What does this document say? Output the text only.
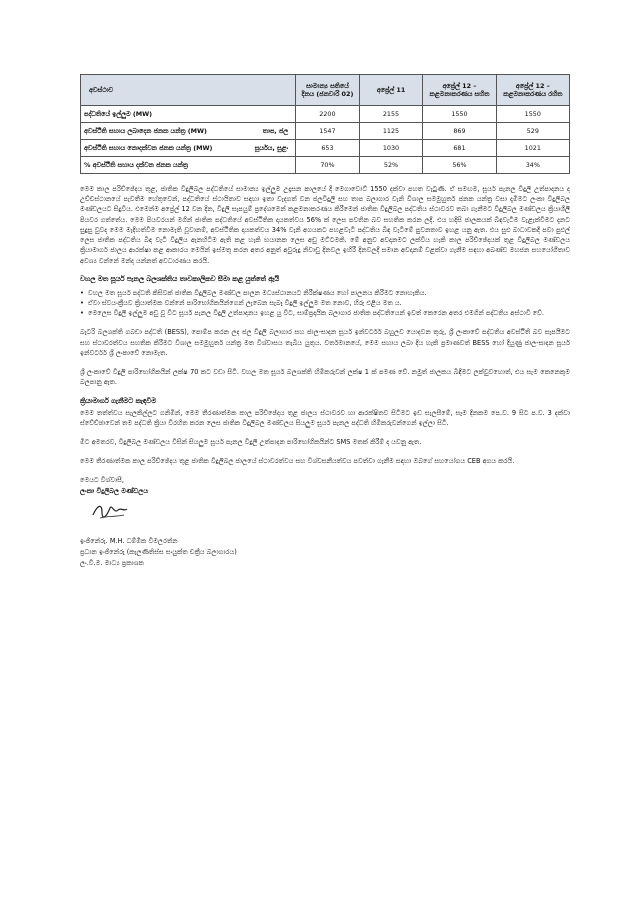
අවස්ථාව	සාමාන්‍ය සතියේ දිනය (ජනවාරි 02)	අප්‍රේල් 11	අප්‍රේල් 12 – කළමනාකරණය සහිත	අප්‍රේල් 12 – කළමනාකරණය රහිත
පද්ධතියේ ඉල්ලුම (MW)	2200	2155	1550	1550

අවස්ථිති සහාය ලබාදෙන ජනක යන්ත්‍ර (MW) තාප, ජල	1547	1125	869	529

අවස්ථිති සහාය නොදක්වන ජනක යන්ත්‍ර (MW) සූර්යය, සුළං	653	1030	681	1021
% අවස්ථිති සහාය දක්වන ජනක යන්ත්‍ර	70%	52%	56%	34%

මෙම කාල පරිච්ඡේදය තුළ, ජාතික විදුලිබල පද්ධතියේ සාමාන්‍ය ඉල්ලුම උදෑසන කාලයේ දී මෙගාවොට් 1550 දක්වා පහත වැටුණි. ඒ සමඟම, සූර්ය පැනල විදුලි උත්පාදනය ද උච්චස්ථානයේ පැවතීම හේතුවෙන්, පද්ධතියේ ස්ථායිතාව සඳහා ඉතා වැදගත් වන ජලවිදුලි සහ තාප බලාගාර වැනි විශාල සමමුහුර්ත ජනක යන්ත්‍ර වසා දැමීමට ලංකා විදුලිබල මණ්ඩලයට සිදුවිය. එමෙන්ම අප්‍රේල් 12 වන දින, විදුලි සැපයුම් ප්‍රදේශමෙන් කළමනාකරණය කිරීමෙන් ජාතික විදුලිබල පද්ධතිය ස්ථාවරව තබා ගැනීමට විදුලිබල මණ්ඩලය ක්‍රියාශීලී පියවර ගත්තේය. මෙම පියවරයන් මගින් ජාතික පද්ධතියේ අවස්ථිතික දායකත්වය 56% ක් ලෙස පවතින බව සහතික කරන ලදී. එය හදිසි ජාලකයක් බිඳවැටීම වැළැක්වීමට දැනට සුදුසු වුවද මෙම මැදිහත්වීම නොමැති වූවානම්, අවස්ථිතික දායකත්වය 34% වැනි අගයකට පහළවැටී පද්ධතිය බිඳ වැටීමේ පුවනතාව ඉහළ යනු ඇත. එය සුළු බාධාවකදී පවා පුළුල් ලෙස ජාතික පද්ධතිය බිඳ වැටී විදුලිය ඇනහිටීම ඇති කළ හැකි භයානක ලෙස අඩු මට්ටමකි. මේ අනුව අවදානමට ලක්විය හැකි කාල පරිච්ඡේදයක් තුළ විදුලිබල මණ්ඩලය ක්‍රියාමාර්ග ජාලය ආරක්ෂා කළ ආකාරය මෙයින් ඉස්මතු කරන අතර අනුත් අවුරුදු නිවාඩු දිනවල ඉහිරී දිනවලදී සමාන අවදානම් වළක්වා ගැනීම සඳහා අඛණ්ඩ මහජන සහයෝගීතාව අවශ්‍ය වන්නේ මන්ද යන්නත් අවධාරණය කරයි.

වහල මත සූර්ය පැනල බලශක්තිය තාවකාලිකව සීමා කළ යුත්තේ ඇයි
• වහල මත සූර්ය පද්ධති කිසිවක් ජාතික විදුලිබල මණ්ඩල පාලන මධ්‍යස්ථානයට නිරීක්ෂණය හෝ පාලනය කිරීමට නොහැකිය.
• ඒවා ස්වයංක්‍රීයව ක්‍රියාත්මක වන්නේ පාරිභෝගිකයින්ගෙන් ලැබෙන සැබෑ විදුලි ඉල්ලුම මත නොව, හිරු එළිය මත ය.
• මෙලෙස විදුලි ඉල්ලුම අඩු වූ විට සූර්ය පැනල විදුලි උත්පාදනය ඉහළ යු විට, සාම්ප්‍රදායික බලාගාර ජාතික පද්ධතියෙන් ඉවත් කෙරෙන අතර එමගින් පද්ධතිය අස්ථාවී වේ.

බැටරි බලශක්ති ගබඩා පද්ධති (BESS), පොම්ප කරන ලද ජල විදුලි බලාගාර සහ ජාල-සාදන සූර්ය ඉන්වර්ටර් බහුලව යොදවන තුරු, ශ්‍රී ලංකාවේ පද්ධතිය අවස්ථිති බව සැපයීමට සහ ස්ථාවරත්වය සහතික කිරීමට විශාල සමමුහුර්ත යන්ත්‍ර මත විශ්වාසය තැබිය යුතුය. වර්තමානයේ, මෙම සහාය ලබා දිය හැකි ප්‍රමාණවත් BESS හෝ දියුණු ජාල-සාදන සූර්ය ඉන්වර්ටර් ශ්‍රී ලංකාවේ නොමැත.

ශ්‍රී ලංකාවේ විදුලි පාරිභෝගිකයින් ලක්ෂ 70 කට වඩා සිටී. වහල මත සූර්ය බලශක්ති හිමිකරුවන් ලක්ෂ 1 ක් පමණ වේ. නමුත් ජාලකය බිඳීමට ලක්වුවහොත්, එය සැම කෙනෙකුම බලපානු ඇත.

ක්‍රියාමාර්ග ගැනීමට කැඳවීම

මෙම තත්ත්වය සැලකිල්ලට ගනිමින්, මෙම තීරණාත්මක කාල පරිච්ඡේදය තුළ ජාලය ස්ථාවරව හා ආරක්ෂිතව සිටීමට ඉඩ සැලසීමේ, සෑම දිනකම පෙ.ව. 9 සිට ප.ව. 3 දක්වා ස්වේච්ඡාවෙන් තම පද්ධති ක්‍රියා විරහිත කරන ලෙස ජාතික විදුලිබල මණ්ඩලය සියලුම සූර්ය පැනල පද්ධති හිමිකරුවන්ගෙන් ඉල්ලා සිටී.

මීට අමතරව, විදුලිබල මණ්ඩලය විසින් සියලුම සූර්ය පැනල විදුලි උත්පාදන පාරිභෝගිකයින්ට SMS මතක් කිරීම් ද යවනු ඇත.

මෙම තීරණාත්මක කාල පරිච්ඡේදය තුළ ජාතික විදුලිබල ජාලයේ ස්ථාවරත්වය සහ විශ්වසනීයත්වය පවත්වා ගැනීම සඳහා ඔබගේ සහයෝගය CEB අගය කරයි.

මෙයට විශ්වාසී,

ලංකා විදුලිබල මණ්ඩලය

ඉංජිනේරු. M.H. ධම්මික විමලරත්න

ප්‍රධාන ඉංජිනේරු (කැලණිතිස්ස සංයුක්ත චක්‍රීය බලාගාරය)

ලං.වි.ම. මාධ්‍ය ප්‍රකාශක
